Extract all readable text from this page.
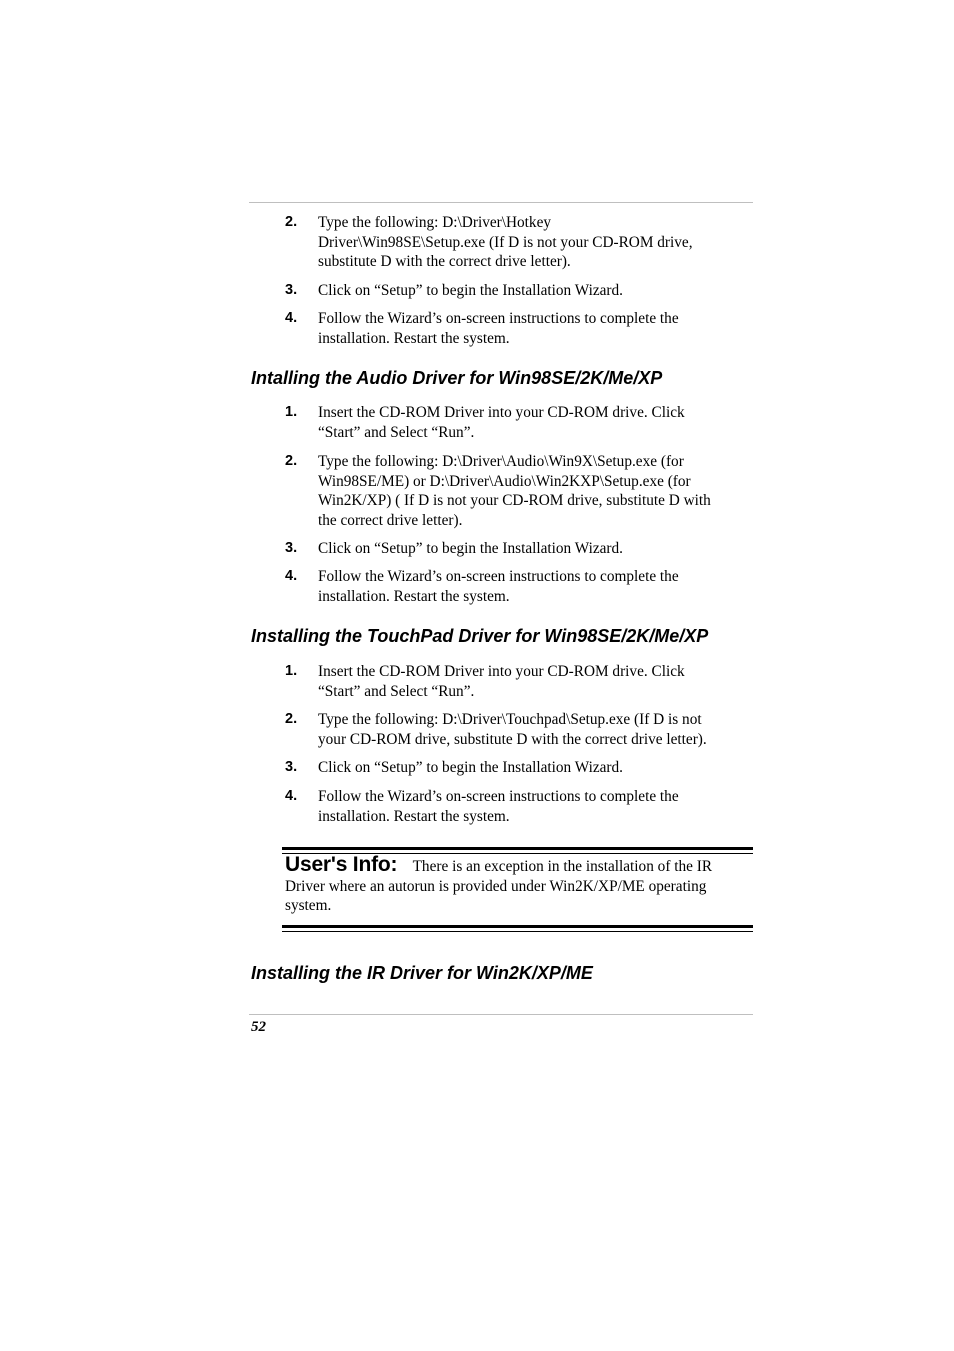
2. Type the following: D:\Driver\Hotkey
Driver\Win98SE\Setup.exe (If D is not your CD-ROM drive,
substitute D with the correct drive letter).
3. Click on “Setup” to begin the Installation Wizard.
4. Follow the Wizard’s on-screen instructions to complete the
installation. Restart the system.
Intalling the Audio Driver for Win98SE/2K/Me/XP
1. Insert the CD-ROM Driver into your CD-ROM drive. Click
“Start” and Select “Run”.
2. Type the following: D:\Driver\Audio\Win9X\Setup.exe (for
Win98SE/ME) or D:\Driver\Audio\Win2KXP\Setup.exe (for
Win2K/XP) ( If D is not your CD-ROM drive, substitute D with
the correct drive letter).
3. Click on “Setup” to begin the Installation Wizard.
4. Follow the Wizard’s on-screen instructions to complete the
installation. Restart the system.
Installing the TouchPad Driver for Win98SE/2K/Me/XP
1. Insert the CD-ROM Driver into your CD-ROM drive. Click
“Start” and Select “Run”.
2. Type the following: D:\Driver\Touchpad\Setup.exe (If D is not
your CD-ROM drive, substitute D with the correct drive letter).
3. Click on “Setup” to begin the Installation Wizard.
4. Follow the Wizard’s on-screen instructions to complete the
installation. Restart the system.
User's Info: There is an exception in the installation of the IR
Driver where an autorun is provided under Win2K/XP/ME operating
system.
Installing the IR Driver for Win2K/XP/ME
52
